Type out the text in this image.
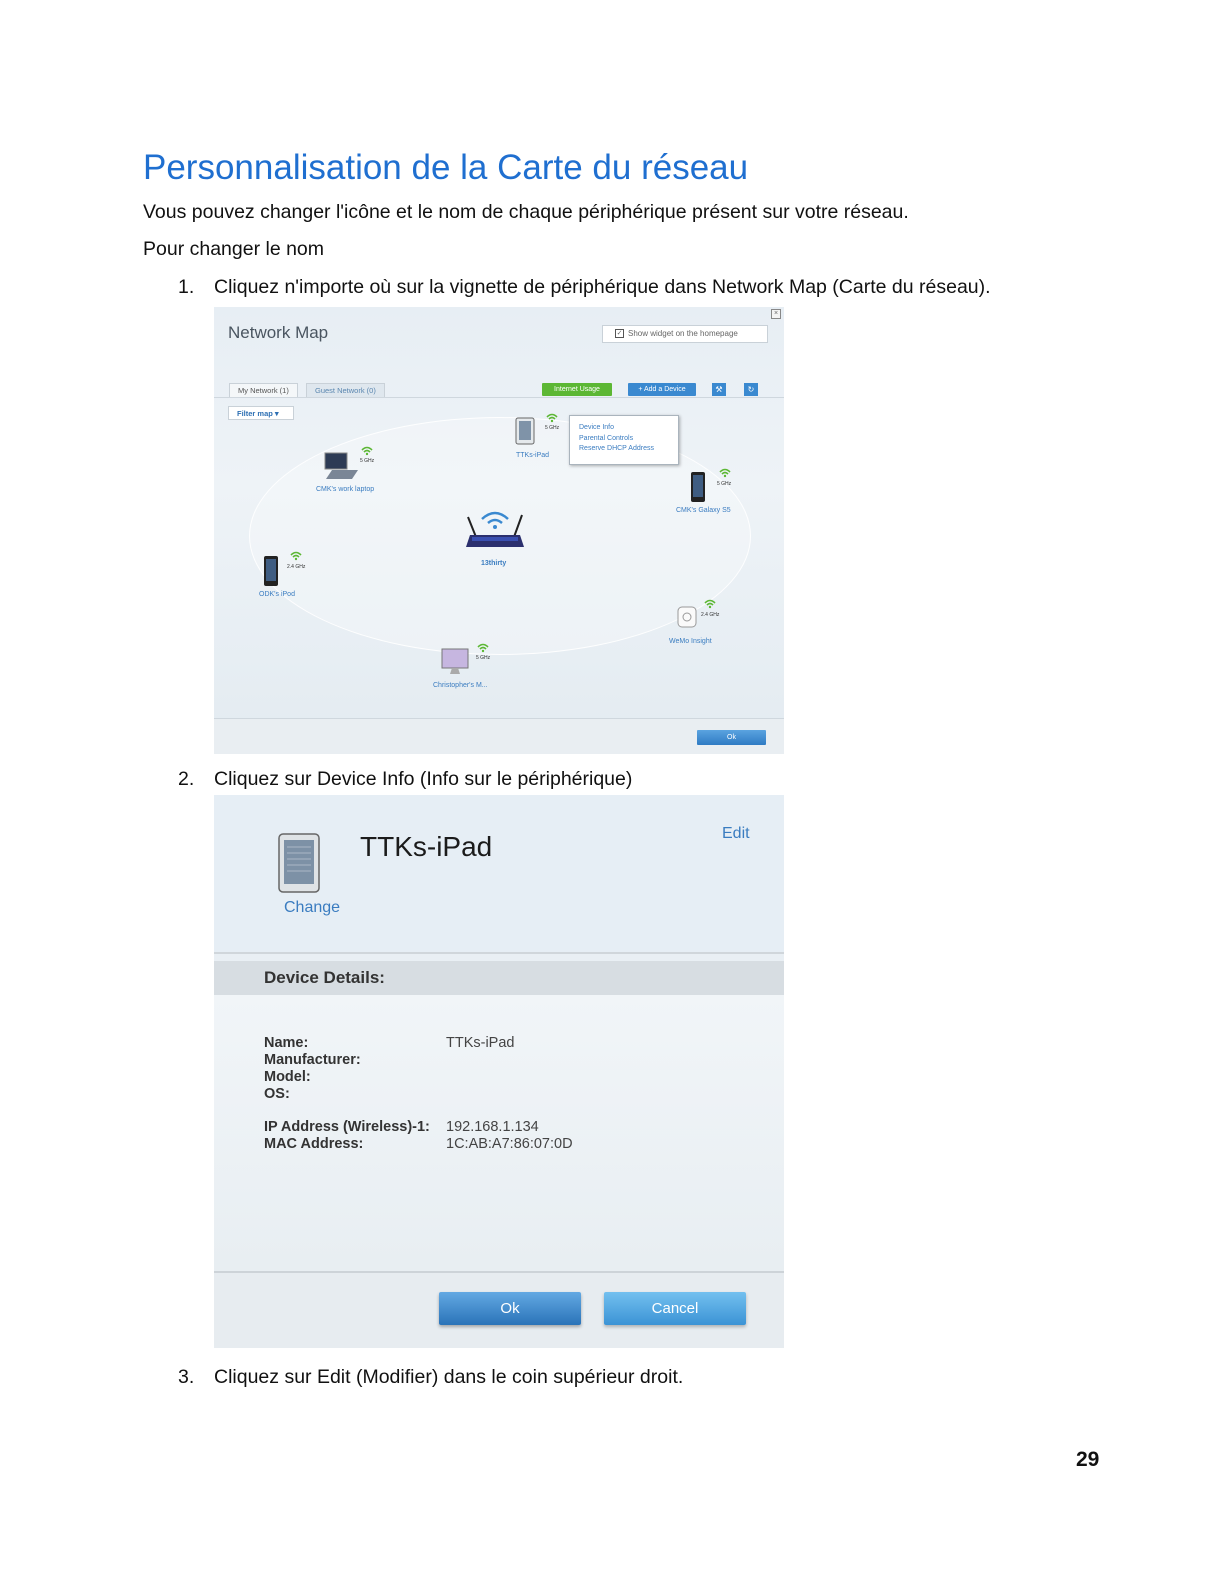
Personnalisation de la Carte du réseau
Vous pouvez changer l'icône et le nom de chaque périphérique présent sur votre réseau.
Pour changer le nom
1. Cliquez n'importe où sur la vignette de périphérique dans Network Map (Carte du réseau).
Network Map
×
✓ Show widget on the homepage
My Network (1)	Guest Network (0)	Internet Usage	+ Add a Device	⚒	↻
Filter map ▾
13thirty
5 GHz
CMK's work laptop
5 GHz
TTKs-iPad
Device Info
Parental Controls
Reserve DHCP Address
5 GHz
CMK's Galaxy S5
2.4 GHz
ODK's iPod
2.4 GHz
WeMo Insight
5 GHz
Christopher's M...
Ok
2. Cliquez sur Device Info (Info sur le périphérique)
Change
TTKs-iPad	Edit
Device Details:
Name:	TTKs-iPad
Manufacturer:
Model:
OS:
IP Address (Wireless)-1: 192.168.1.134
MAC Address:	1C:AB:A7:86:07:0D
Ok	Cancel
3. Cliquez sur Edit (Modifier) dans le coin supérieur droit.
29
